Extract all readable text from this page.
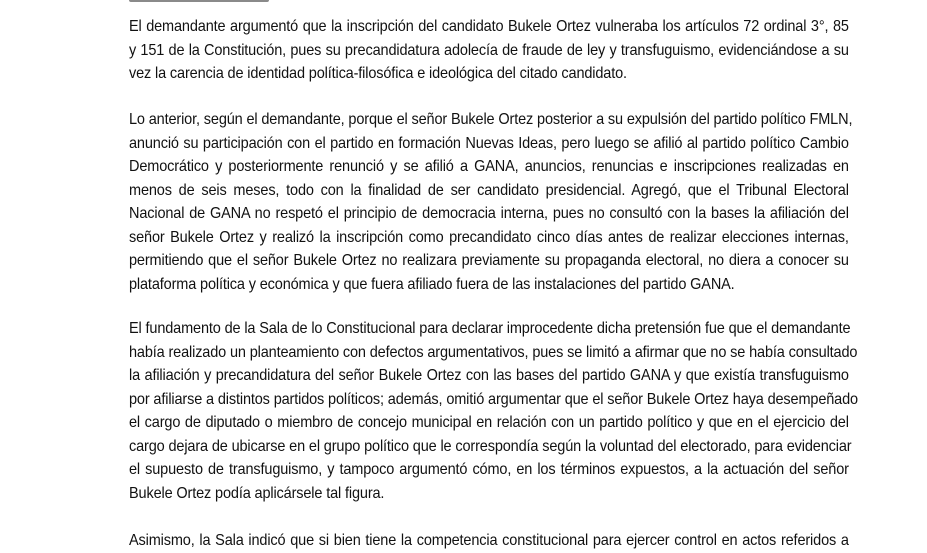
El demandante argumentó que la inscripción del candidato Bukele Ortez vulneraba los artículos 72 ordinal 3°, 85
y 151 de la Constitución, pues su precandidatura adolecía de fraude de ley y transfuguismo, evidenciándose a su
vez la carencia de identidad política-filosófica e ideológica del citado candidato.

Lo anterior, según el demandante, porque el señor Bukele Ortez posterior a su expulsión del partido político FMLN,
anunció su participación con el partido en formación Nuevas Ideas, pero luego se afilió al partido político Cambio
Democrático y posteriormente renunció y se afilió a GANA, anuncios, renuncias e inscripciones realizadas en
menos de seis meses, todo con la finalidad de ser candidato presidencial. Agregó, que el Tribunal Electoral
Nacional de GANA no respetó el principio de democracia interna, pues no consultó con la bases la afiliación del
señor Bukele Ortez y realizó la inscripción como precandidato cinco días antes de realizar elecciones internas,
permitiendo que el señor Bukele Ortez no realizara previamente su propaganda electoral, no diera a conocer su
plataforma política y económica y que fuera afiliado fuera de las instalaciones del partido GANA.

El fundamento de la Sala de lo Constitucional para declarar improcedente dicha pretensión fue que el demandante
había realizado un planteamiento con defectos argumentativos, pues se limitó a afirmar que no se había consultado
la afiliación y precandidatura del señor Bukele Ortez con las bases del partido GANA y que existía transfuguismo
por afiliarse a distintos partidos políticos; además, omitió argumentar que el señor Bukele Ortez haya desempeñado
el cargo de diputado o miembro de concejo municipal en relación con un partido político y que en el ejercicio del
cargo dejara de ubicarse en el grupo político que le correspondía según la voluntad del electorado, para evidenciar
el supuesto de transfuguismo, y tampoco argumentó cómo, en los términos expuestos, a la actuación del señor
Bukele Ortez podía aplicársele tal figura.

Asimismo, la Sala indicó que si bien tiene la competencia constitucional para ejercer control en actos referidos a
